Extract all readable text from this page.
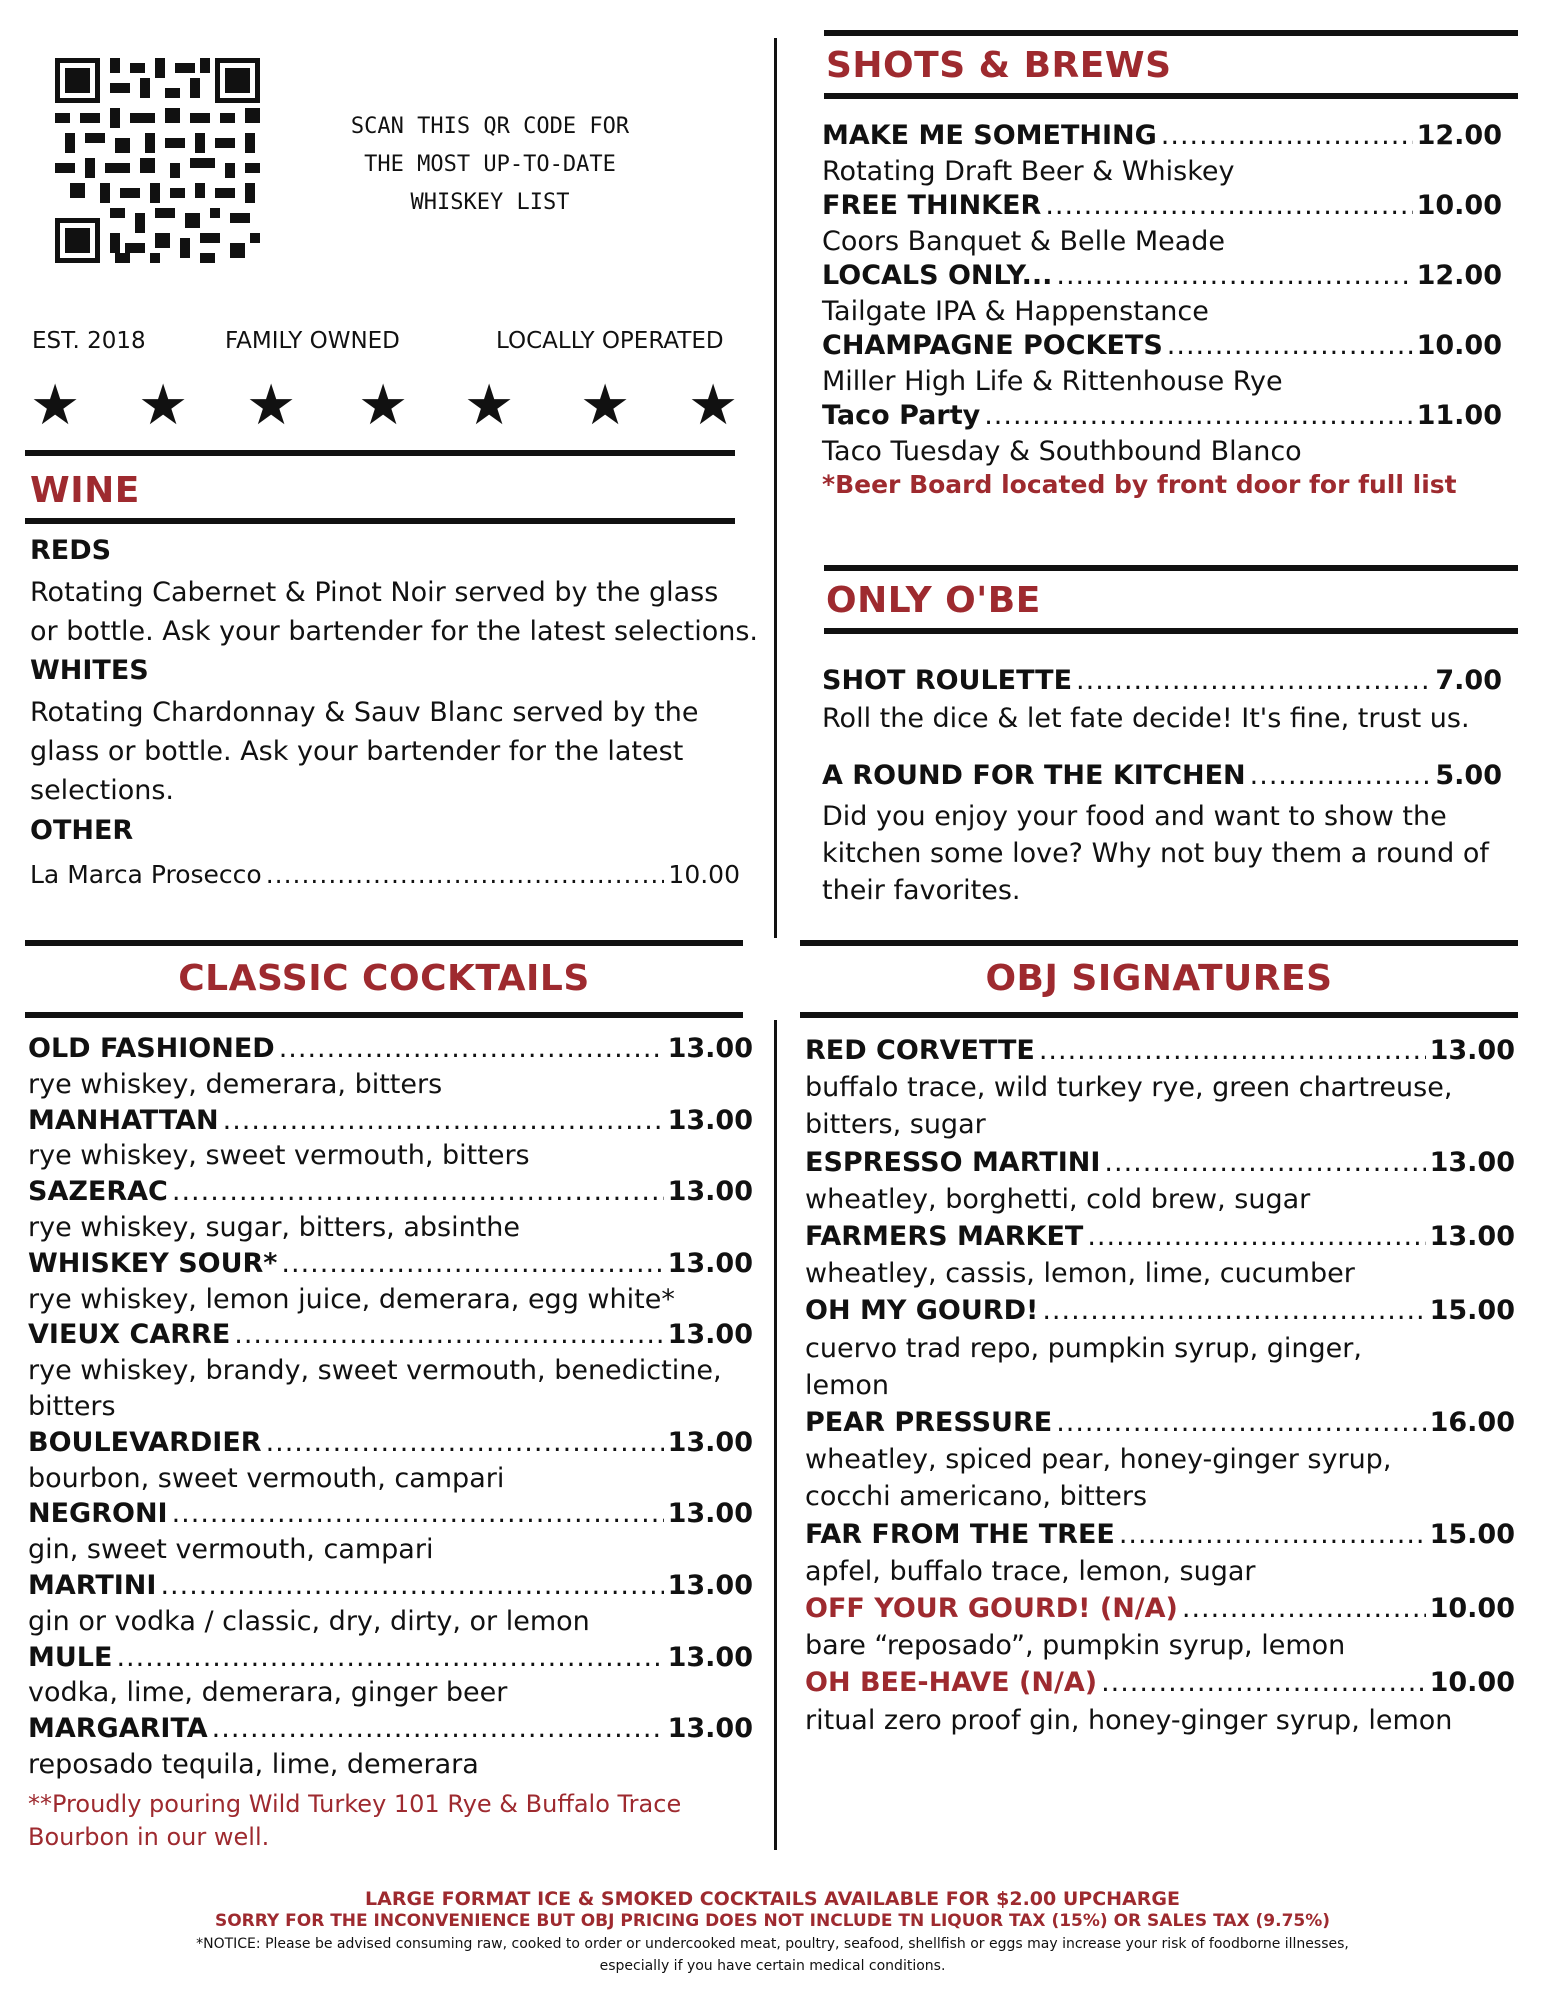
SCAN THIS QR CODE FOR
THE MOST UP-TO-DATE
WHISKEY LIST
EST. 2018	FAMILY OWNED	LOCALLY OPERATED
★ ★ ★ ★ ★ ★ ★
WINE
REDS
Rotating Cabernet & Pinot Noir served by the glass
or bottle. Ask your bartender for the latest selections.
WHITES
Rotating Chardonnay & Sauv Blanc served by the
glass or bottle. Ask your bartender for the latest
selections.
OTHER
La Marca Prosecco .....	10.00
SHOTS & BREWS
MAKE ME SOMETHING .....	12.00
Rotating Draft Beer & Whiskey
FREE THINKER .....	10.00
Coors Banquet & Belle Meade
LOCALS ONLY... .....	12.00
Tailgate IPA & Happenstance
CHAMPAGNE POCKETS .....	10.00
Miller High Life & Rittenhouse Rye
Taco Party .....	11.00
Taco Tuesday & Southbound Blanco
*Beer Board located by front door for full list
ONLY O'BE
SHOT ROULETTE .....	7.00
Roll the dice & let fate decide! It's fine, trust us.
A ROUND FOR THE KITCHEN .....	5.00
Did you enjoy your food and want to show the
kitchen some love? Why not buy them a round of
their favorites.
CLASSIC COCKTAILS
OLD FASHIONED .....	13.00
rye whiskey, demerara, bitters
MANHATTAN .....	13.00
rye whiskey, sweet vermouth, bitters
SAZERAC .....	13.00
rye whiskey, sugar, bitters, absinthe
WHISKEY SOUR* .....	13.00
rye whiskey, lemon juice, demerara, egg white*
VIEUX CARRE .....	13.00
rye whiskey, brandy, sweet vermouth, benedictine,
bitters
BOULEVARDIER .....	13.00
bourbon, sweet vermouth, campari
NEGRONI .....	13.00
gin, sweet vermouth, campari
MARTINI .....	13.00
gin or vodka / classic, dry, dirty, or lemon
MULE .....	13.00
vodka, lime, demerara, ginger beer
MARGARITA .....	13.00
reposado tequila, lime, demerara
**Proudly pouring Wild Turkey 101 Rye & Buffalo Trace
Bourbon in our well.
OBJ SIGNATURES
RED CORVETTE .....	13.00
buffalo trace, wild turkey rye, green chartreuse,
bitters, sugar
ESPRESSO MARTINI .....	13.00
wheatley, borghetti, cold brew, sugar
FARMERS MARKET .....	13.00
wheatley, cassis, lemon, lime, cucumber
OH MY GOURD! .....	15.00
cuervo trad repo, pumpkin syrup, ginger,
lemon
PEAR PRESSURE .....	16.00
wheatley, spiced pear, honey-ginger syrup,
cocchi americano, bitters
FAR FROM THE TREE .....	15.00
apfel, buffalo trace, lemon, sugar
OFF YOUR GOURD! (N/A) .....	10.00
bare “reposado”, pumpkin syrup, lemon
OH BEE-HAVE (N/A) .....	10.00
ritual zero proof gin, honey-ginger syrup, lemon
LARGE FORMAT ICE & SMOKED COCKTAILS AVAILABLE FOR $2.00 UPCHARGE
SORRY FOR THE INCONVENIENCE BUT OBJ PRICING DOES NOT INCLUDE TN LIQUOR TAX (15%) OR SALES TAX (9.75%)
*NOTICE: Please be advised consuming raw, cooked to order or undercooked meat, poultry, seafood, shellfish or eggs may increase your risk of foodborne illnesses,
especially if you have certain medical conditions.
